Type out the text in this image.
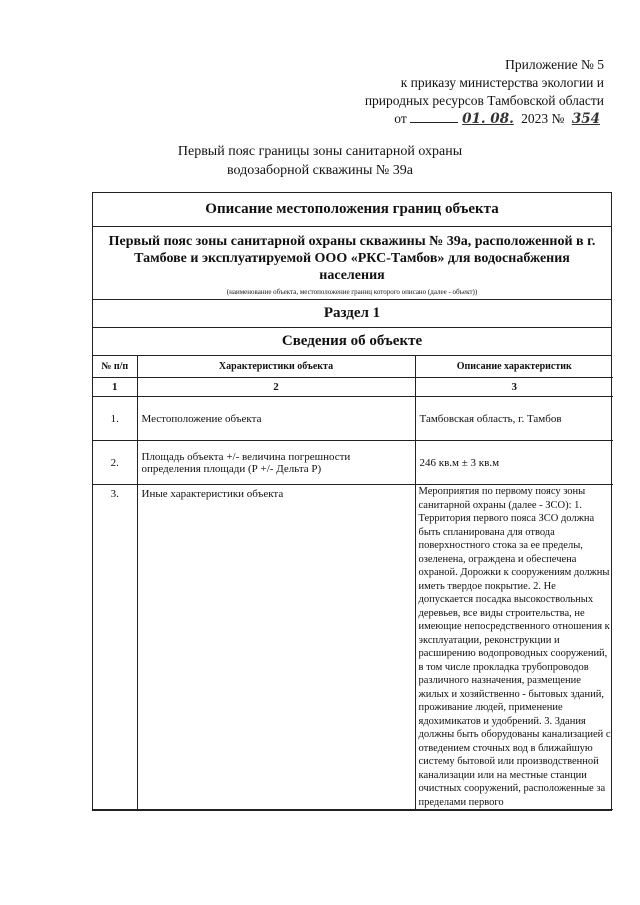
Приложение № 5
к приказу министерства экологии и
природных ресурсов Тамбовской области
от	01. 08. 2023 № 354
Первый пояс границы зоны санитарной охраны
водозаборной скважины № 39а
Описание местоположения границ объекта
Первый пояс зоны санитарной охраны скважины № 39а, расположенной в г. Тамбове и эксплуатируемой ООО «РКС-Тамбов» для водоснабжения населения
(наименование объекта, местоположение границ которого описано (далее - объект))
Раздел 1
Сведения об объекте
№ п/п	Характеристики объекта	Описание характеристик
1	2	3
1.	Местоположение объекта	Тамбовская область, г. Тамбов
2.	Площадь объекта +/- величина погрешности определения площади (Р +/- Дельта Р)	246 кв.м ± 3 кв.м
3.	Иные характеристики объекта	Мероприятия по первому поясу зоны санитарной охраны (далее - ЗСО): 1. Территория первого пояса ЗСО должна быть спланирована для отвода поверхностного стока за ее пределы, озеленена, ограждена и обеспечена охраной. Дорожки к сооружениям должны иметь твердое покрытие. 2. Не допускается посадка высокоствольных деревьев, все виды строительства, не имеющие непосредственного отношения к эксплуатации, реконструкции и расширению водопроводных сооружений, в том числе прокладка трубопроводов различного назначения, размещение жилых и хозяйственно - бытовых зданий, проживание людей, применение ядохимикатов и удобрений. 3. Здания должны быть оборудованы канализацией с отведением сточных вод в ближайшую систему бытовой или производственной канализации или на местные станции очистных сооружений, расположенные за пределами первого
